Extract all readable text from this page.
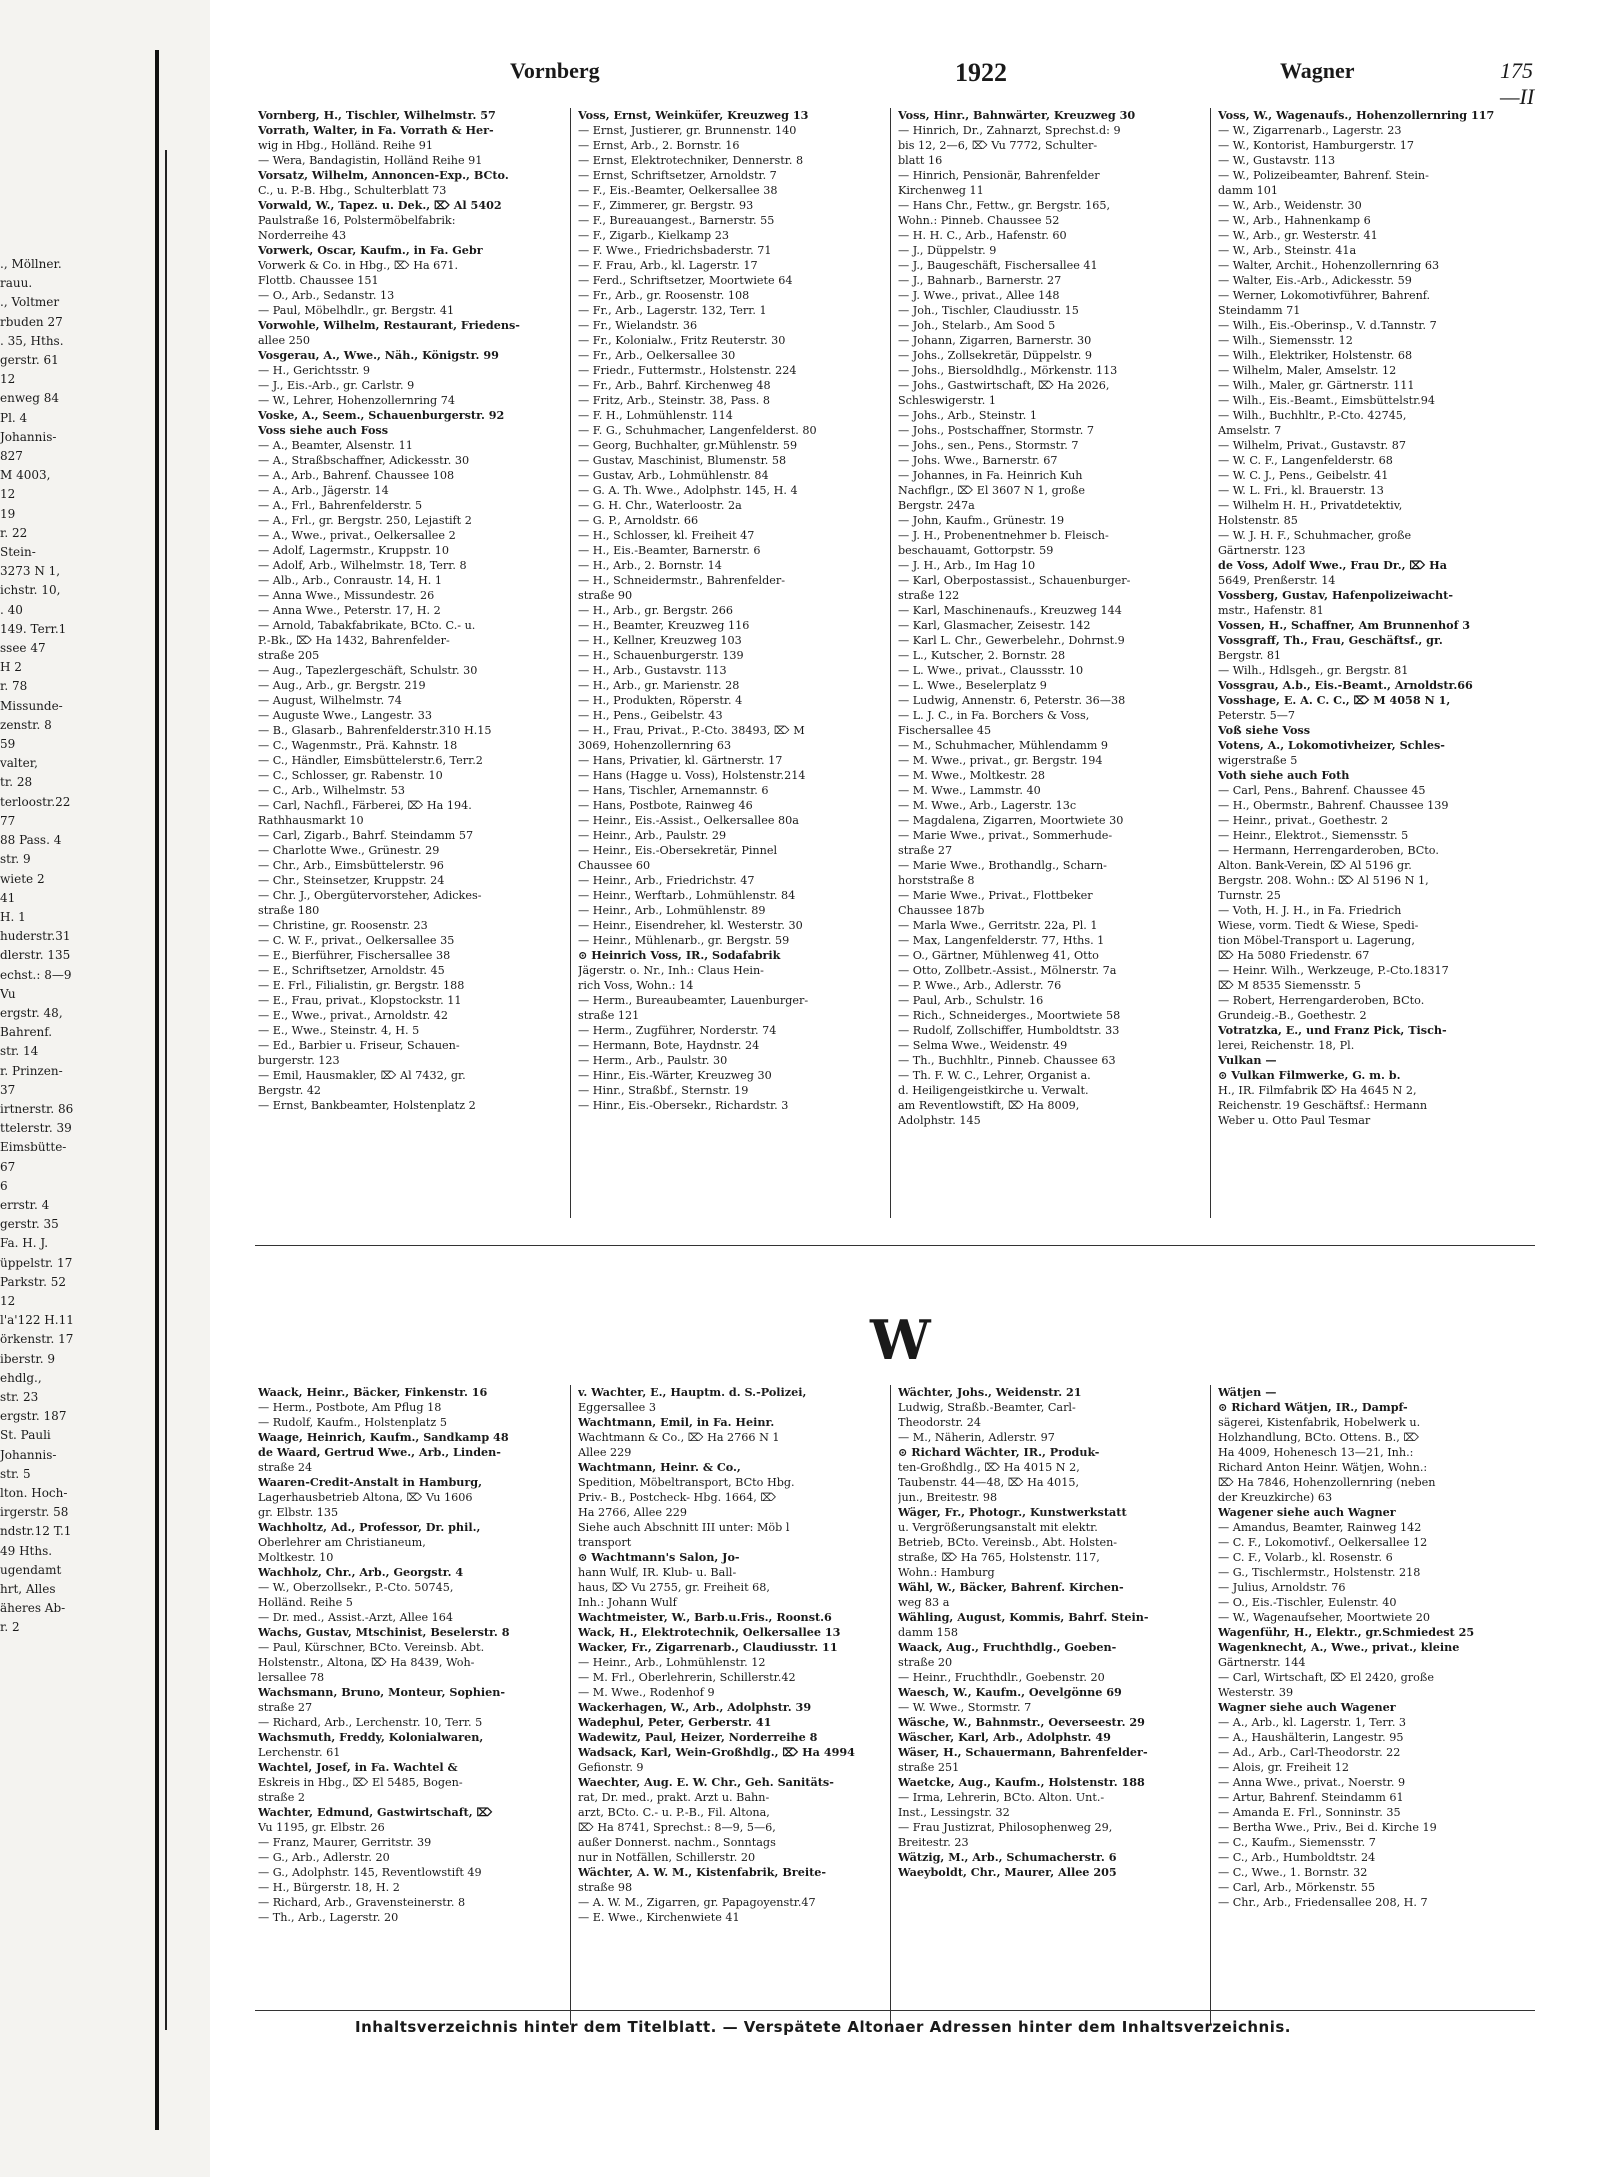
., Möllner.
rauu.
., Voltmer
rbuden 27
. 35, Hths.
gerstr. 61
12
enweg 84
Pl. 4
Johannis-
827
M 4003,
12
19
r. 22
Stein-
3273 N 1,
ichstr. 10,
. 40
149. Terr.1
ssee 47
H 2
r. 78
Missunde-
zenstr. 8
59
valter,
tr. 28
terloostr.22
77
88 Pass. 4
str. 9
wiete 2
41
H. 1
huderstr.31
dlerstr. 135
echst.: 8—9
Vu
ergstr. 48,
Bahrenf.
str. 14
r. Prinzen-
37
irtnerstr. 86
ttelerstr. 39
Eimsbütte-
67
6
errstr. 4
gerstr. 35
Fa. H. J.
üppelstr. 17
Parkstr. 52
12
l'a'122 H.11
örkenstr. 17
iberstr. 9
ehdlg.,
str. 23
ergstr. 187
St. Pauli
Johannis-
str. 5
lton. Hoch-
irgerstr. 58
ndstr.12 T.1
49 Hths.
ugendamt
hrt, Alles
äheres Ab-
r. 2
Vornberg	1922	Wagner	175—II
Vornberg, H., Tischler, Wilhelmstr. 57
Vorrath, Walter, in Fa. Vorrath & Her-
wig in Hbg., Holländ. Reihe 91
— Wera, Bandagistin, Holländ Reihe 91
Vorsatz, Wilhelm, Annoncen-Exp., BCto.
C., u. P.-B. Hbg., Schulterblatt 73
Vorwald, W., Tapez. u. Dek., ⌦ Al 5402
Paulstraße 16, Polstermöbelfabrik:
Norderreihe 43
Vorwerk, Oscar, Kaufm., in Fa. Gebr
Vorwerk & Co. in Hbg., ⌦ Ha 671.
Flottb. Chaussee 151
— O., Arb., Sedanstr. 13
— Paul, Möbelhdlr., gr. Bergstr. 41
Vorwohle, Wilhelm, Restaurant, Friedens-
allee 250
Vosgerau, A., Wwe., Näh., Königstr. 99
— H., Gerichtsstr. 9
— J., Eis.-Arb., gr. Carlstr. 9
— W., Lehrer, Hohenzollernring 74
Voske, A., Seem., Schauenburgerstr. 92
Voss siehe auch Foss
— A., Beamter, Alsenstr. 11
— A., Straßbschaffner, Adickesstr. 30
— A., Arb., Bahrenf. Chaussee 108
— A., Arb., Jägerstr. 14
— A., Frl., Bahrenfelderstr. 5
— A., Frl., gr. Bergstr. 250, Lejastift 2
— A., Wwe., privat., Oelkersallee 2
— Adolf, Lagermstr., Kruppstr. 10
— Adolf, Arb., Wilhelmstr. 18, Terr. 8
— Alb., Arb., Conraustr. 14, H. 1
— Anna Wwe., Missundestr. 26
— Anna Wwe., Peterstr. 17, H. 2
— Arnold, Tabakfabrikate, BCto. C.- u.
P.-Bk., ⌦ Ha 1432, Bahrenfelder-
straße 205
— Aug., Tapezlergeschäft, Schulstr. 30
— Aug., Arb., gr. Bergstr. 219
— August, Wilhelmstr. 74
— Auguste Wwe., Langestr. 33
— B., Glasarb., Bahrenfelderstr.310 H.15
— C., Wagenmstr., Prä. Kahnstr. 18
— C., Händler, Eimsbüttelerstr.6, Terr.2
— C., Schlosser, gr. Rabenstr. 10
— C., Arb., Wilhelmstr. 53
— Carl, Nachfl., Färberei, ⌦ Ha 194.
Rathhausmarkt 10
— Carl, Zigarb., Bahrf. Steindamm 57
— Charlotte Wwe., Grünestr. 29
— Chr., Arb., Eimsbüttelerstr. 96
— Chr., Steinsetzer, Kruppstr. 24
— Chr. J., Obergütervorsteher, Adickes-
straße 180
— Christine, gr. Roosenstr. 23
— C. W. F., privat., Oelkersallee 35
— E., Bierführer, Fischersallee 38
— E., Schriftsetzer, Arnoldstr. 45
— E. Frl., Filialistin, gr. Bergstr. 188
— E., Frau, privat., Klopstockstr. 11
— E., Wwe., privat., Arnoldstr. 42
— E., Wwe., Steinstr. 4, H. 5
— Ed., Barbier u. Friseur, Schauen-
burgerstr. 123
— Emil, Hausmakler, ⌦ Al 7432, gr.
Bergstr. 42
— Ernst, Bankbeamter, Holstenplatz 2
Voss, Ernst, Weinküfer, Kreuzweg 13
— Ernst, Justierer, gr. Brunnenstr. 140
— Ernst, Arb., 2. Bornstr. 16
— Ernst, Elektrotechniker, Dennerstr. 8
— Ernst, Schriftsetzer, Arnoldstr. 7
— F., Eis.-Beamter, Oelkersallee 38
— F., Zimmerer, gr. Bergstr. 93
— F., Bureauangest., Barnerstr. 55
— F., Zigarb., Kielkamp 23
— F. Wwe., Friedrichsbaderstr. 71
— F. Frau, Arb., kl. Lagerstr. 17
— Ferd., Schriftsetzer, Moortwiete 64
— Fr., Arb., gr. Roosenstr. 108
— Fr., Arb., Lagerstr. 132, Terr. 1
— Fr., Wielandstr. 36
— Fr., Kolonialw., Fritz Reuterstr. 30
— Fr., Arb., Oelkersallee 30
— Friedr., Futtermstr., Holstenstr. 224
— Fr., Arb., Bahrf. Kirchenweg 48
— Fritz, Arb., Steinstr. 38, Pass. 8
— F. H., Lohmühlenstr. 114
— F. G., Schuhmacher, Langenfelderst. 80
— Georg, Buchhalter, gr.Mühlenstr. 59
— Gustav, Maschinist, Blumenstr. 58
— Gustav, Arb., Lohmühlenstr. 84
— G. A. Th. Wwe., Adolphstr. 145, H. 4
— G. H. Chr., Waterloostr. 2a
— G. P., Arnoldstr. 66
— H., Schlosser, kl. Freiheit 47
— H., Eis.-Beamter, Barnerstr. 6
— H., Arb., 2. Bornstr. 14
— H., Schneidermstr., Bahrenfelder-
straße 90
— H., Arb., gr. Bergstr. 266
— H., Beamter, Kreuzweg 116
— H., Kellner, Kreuzweg 103
— H., Schauenburgerstr. 139
— H., Arb., Gustavstr. 113
— H., Arb., gr. Marienstr. 28
— H., Produkten, Röperstr. 4
— H., Pens., Geibelstr. 43
— H., Frau, Privat., P.-Cto. 38493, ⌦ M
3069, Hohenzollernring 63
— Hans, Privatier, kl. Gärtnerstr. 17
— Hans (Hagge u. Voss), Holstenstr.214
— Hans, Tischler, Arnemannstr. 6
— Hans, Postbote, Rainweg 46
— Heinr., Eis.-Assist., Oelkersallee 80a
— Heinr., Arb., Paulstr. 29
— Heinr., Eis.-Obersekretär, Pinnel
Chaussee 60
— Heinr., Arb., Friedrichstr. 47
— Heinr., Werftarb., Lohmühlenstr. 84
— Heinr., Arb., Lohmühlenstr. 89
— Heinr., Eisendreher, kl. Westerstr. 30
— Heinr., Mühlenarb., gr. Bergstr. 59
⊙ Heinrich Voss, IR., Sodafabrik
Jägerstr. o. Nr., Inh.: Claus Hein-
rich Voss, Wohn.: 14
— Herm., Bureaubeamter, Lauenburger-
straße 121
— Herm., Zugführer, Norderstr. 74
— Hermann, Bote, Haydnstr. 24
— Herm., Arb., Paulstr. 30
— Hinr., Eis.-Wärter, Kreuzweg 30
— Hinr., Straßbf., Sternstr. 19
— Hinr., Eis.-Obersekr., Richardstr. 3
Voss, Hinr., Bahnwärter, Kreuzweg 30
— Hinrich, Dr., Zahnarzt, Sprechst.d: 9
bis 12, 2—6, ⌦ Vu 7772, Schulter-
blatt 16
— Hinrich, Pensionär, Bahrenfelder
Kirchenweg 11
— Hans Chr., Fettw., gr. Bergstr. 165,
Wohn.: Pinneb. Chaussee 52
— H. H. C., Arb., Hafenstr. 60
— J., Düppelstr. 9
— J., Baugeschäft, Fischersallee 41
— J., Bahnarb., Barnerstr. 27
— J. Wwe., privat., Allee 148
— Joh., Tischler, Claudiusstr. 15
— Joh., Stelarb., Am Sood 5
— Johann, Zigarren, Barnerstr. 30
— Johs., Zollsekretär, Düppelstr. 9
— Johs., Biersoldhdlg., Mörkenstr. 113
— Johs., Gastwirtschaft, ⌦ Ha 2026,
Schleswigerstr. 1
— Johs., Arb., Steinstr. 1
— Johs., Postschaffner, Stormstr. 7
— Johs., sen., Pens., Stormstr. 7
— Johs. Wwe., Barnerstr. 67
— Johannes, in Fa. Heinrich Kuh
Nachflgr., ⌦ El 3607 N 1, große
Bergstr. 247a
— John, Kaufm., Grünestr. 19
— J. H., Probenentnehmer b. Fleisch-
beschauamt, Gottorpstr. 59
— J. H., Arb., Im Hag 10
— Karl, Oberpostassist., Schauenburger-
straße 122
— Karl, Maschinenaufs., Kreuzweg 144
— Karl, Glasmacher, Zeisestr. 142
— Karl L. Chr., Gewerbelehr., Dohrnst.9
— L., Kutscher, 2. Bornstr. 28
— L. Wwe., privat., Claussstr. 10
— L. Wwe., Beselerplatz 9
— Ludwig, Annenstr. 6, Peterstr. 36—38
— L. J. C., in Fa. Borchers & Voss,
Fischersallee 45
— M., Schuhmacher, Mühlendamm 9
— M. Wwe., privat., gr. Bergstr. 194
— M. Wwe., Moltkestr. 28
— M. Wwe., Lammstr. 40
— M. Wwe., Arb., Lagerstr. 13c
— Magdalena, Zigarren, Moortwiete 30
— Marie Wwe., privat., Sommerhude-
straße 27
— Marie Wwe., Brothandlg., Scharn-
horststraße 8
— Marie Wwe., Privat., Flottbeker
Chaussee 187b
— Marla Wwe., Gerritstr. 22a, Pl. 1
— Max, Langenfelderstr. 77, Hths. 1
— O., Gärtner, Mühlenweg 41, Otto
— Otto, Zollbetr.-Assist., Mölnerstr. 7a
— P. Wwe., Arb., Adlerstr. 76
— Paul, Arb., Schulstr. 16
— Rich., Schneiderges., Moortwiete 58
— Rudolf, Zollschiffer, Humboldtstr. 33
— Selma Wwe., Weidenstr. 49
— Th., Buchhltr., Pinneb. Chaussee 63
— Th. F. W. C., Lehrer, Organist a.
d. Heiligengeistkirche u. Verwalt.
am Reventlowstift, ⌦ Ha 8009,
Adolphstr. 145
Voss, W., Wagenaufs., Hohenzollernring 117
— W., Zigarrenarb., Lagerstr. 23
— W., Kontorist, Hamburgerstr. 17
— W., Gustavstr. 113
— W., Polizeibeamter, Bahrenf. Stein-
damm 101
— W., Arb., Weidenstr. 30
— W., Arb., Hahnenkamp 6
— W., Arb., gr. Westerstr. 41
— W., Arb., Steinstr. 41a
— Walter, Archit., Hohenzollernring 63
— Walter, Eis.-Arb., Adickesstr. 59
— Werner, Lokomotivführer, Bahrenf.
Steindamm 71
— Wilh., Eis.-Oberinsp., V. d.Tannstr. 7
— Wilh., Siemensstr. 12
— Wilh., Elektriker, Holstenstr. 68
— Wilhelm, Maler, Amselstr. 12
— Wilh., Maler, gr. Gärtnerstr. 111
— Wilh., Eis.-Beamt., Eimsbüttelstr.94
— Wilh., Buchhltr., P.-Cto. 42745,
Amselstr. 7
— Wilhelm, Privat., Gustavstr. 87
— W. C. F., Langenfelderstr. 68
— W. C. J., Pens., Geibelstr. 41
— W. L. Fri., kl. Brauerstr. 13
— Wilhelm H. H., Privatdetektiv,
Holstenstr. 85
— W. J. H. F., Schuhmacher, große
Gärtnerstr. 123
de Voss, Adolf Wwe., Frau Dr., ⌦ Ha
5649, Prenßerstr. 14
Vossberg, Gustav, Hafenpolizeiwacht-
mstr., Hafenstr. 81
Vossen, H., Schaffner, Am Brunnenhof 3
Vossgraff, Th., Frau, Geschäftsf., gr.
Bergstr. 81
— Wilh., Hdlsgeh., gr. Bergstr. 81
Vossgrau, A.b., Eis.-Beamt., Arnoldstr.66
Vosshage, E. A. C. C., ⌦ M 4058 N 1,
Peterstr. 5—7
Voß siehe Voss
Votens, A., Lokomotivheizer, Schles-
wigerstraße 5
Voth siehe auch Foth
— Carl, Pens., Bahrenf. Chaussee 45
— H., Obermstr., Bahrenf. Chaussee 139
— Heinr., privat., Goethestr. 2
— Heinr., Elektrot., Siemensstr. 5
— Hermann, Herrengarderoben, BCto.
Alton. Bank-Verein, ⌦ Al 5196 gr.
Bergstr. 208. Wohn.: ⌦ Al 5196 N 1,
Turnstr. 25
— Voth, H. J. H., in Fa. Friedrich
Wiese, vorm. Tiedt & Wiese, Spedi-
tion Möbel-Transport u. Lagerung,
⌦ Ha 5080 Friedenstr. 67
— Heinr. Wilh., Werkzeuge, P.-Cto.18317
⌦ M 8535 Siemensstr. 5
— Robert, Herrengarderoben, BCto.
Grundeig.-B., Goethestr. 2
Votratzka, E., und Franz Pick, Tisch-
lerei, Reichenstr. 18, Pl.
Vulkan —
⊙ Vulkan Filmwerke, G. m. b.
H., IR. Filmfabrik ⌦ Ha 4645 N 2,
Reichenstr. 19 Geschäftsf.: Hermann
Weber u. Otto Paul Tesmar
W
Waack, Heinr., Bäcker, Finkenstr. 16
— Herm., Postbote, Am Pflug 18
— Rudolf, Kaufm., Holstenplatz 5
Waage, Heinrich, Kaufm., Sandkamp 48
de Waard, Gertrud Wwe., Arb., Linden-
straße 24
Waaren-Credit-Anstalt in Hamburg,
Lagerhausbetrieb Altona, ⌦ Vu 1606
gr. Elbstr. 135
Wachholtz, Ad., Professor, Dr. phil.,
Oberlehrer am Christianeum,
Moltkestr. 10
Wachholz, Chr., Arb., Georgstr. 4
— W., Oberzollsekr., P.-Cto. 50745,
Holländ. Reihe 5
— Dr. med., Assist.-Arzt, Allee 164
Wachs, Gustav, Mtschinist, Beselerstr. 8
— Paul, Kürschner, BCto. Vereinsb. Abt.
Holstenstr., Altona, ⌦ Ha 8439, Woh-
lersallee 78
Wachsmann, Bruno, Monteur, Sophien-
straße 27
— Richard, Arb., Lerchenstr. 10, Terr. 5
Wachsmuth, Freddy, Kolonialwaren,
Lerchenstr. 61
Wachtel, Josef, in Fa. Wachtel &
Eskreis in Hbg., ⌦ El 5485, Bogen-
straße 2
Wachter, Edmund, Gastwirtschaft, ⌦
Vu 1195, gr. Elbstr. 26
— Franz, Maurer, Gerritstr. 39
— G., Arb., Adlerstr. 20
— G., Adolphstr. 145, Reventlowstift 49
— H., Bürgerstr. 18, H. 2
— Richard, Arb., Gravensteinerstr. 8
— Th., Arb., Lagerstr. 20
v. Wachter, E., Hauptm. d. S.-Polizei,
Eggersallee 3
Wachtmann, Emil, in Fa. Heinr.
Wachtmann & Co., ⌦ Ha 2766 N 1
Allee 229
Wachtmann, Heinr. & Co.,
Spedition, Möbeltransport, BCto Hbg.
Priv.- B., Postcheck- Hbg. 1664, ⌦
Ha 2766, Allee 229
Siehe auch Abschnitt III unter: Möb l
transport
⊙ Wachtmann's Salon, Jo-
hann Wulf, IR. Klub- u. Ball-
haus, ⌦ Vu 2755, gr. Freiheit 68,
Inh.: Johann Wulf
Wachtmeister, W., Barb.u.Fris., Roonst.6
Wack, H., Elektrotechnik, Oelkersallee 13
Wacker, Fr., Zigarrenarb., Claudiusstr. 11
— Heinr., Arb., Lohmühlenstr. 12
— M. Frl., Oberlehrerin, Schillerstr.42
— M. Wwe., Rodenhof 9
Wackerhagen, W., Arb., Adolphstr. 39
Wadephul, Peter, Gerberstr. 41
Wadewitz, Paul, Heizer, Norderreihe 8
Wadsack, Karl, Wein-Großhdlg., ⌦ Ha 4994
Gefionstr. 9
Waechter, Aug. E. W. Chr., Geh. Sanitäts-
rat, Dr. med., prakt. Arzt u. Bahn-
arzt, BCto. C.- u. P.-B., Fil. Altona,
⌦ Ha 8741, Sprechst.: 8—9, 5—6,
außer Donnerst. nachm., Sonntags
nur in Notfällen, Schillerstr. 20
Wächter, A. W. M., Kistenfabrik, Breite-
straße 98
— A. W. M., Zigarren, gr. Papagoyenstr.47
— E. Wwe., Kirchenwiete 41
Wächter, Johs., Weidenstr. 21
Ludwig, Straßb.-Beamter, Carl-
Theodorstr. 24
— M., Näherin, Adlerstr. 97
⊙ Richard Wächter, IR., Produk-
ten-Großhdlg., ⌦ Ha 4015 N 2,
Taubenstr. 44—48, ⌦ Ha 4015,
jun., Breitestr. 98
Wäger, Fr., Photogr., Kunstwerkstatt
u. Vergrößerungsanstalt mit elektr.
Betrieb, BCto. Vereinsb., Abt. Holsten-
straße, ⌦ Ha 765, Holstenstr. 117,
Wohn.: Hamburg
Wähl, W., Bäcker, Bahrenf. Kirchen-
weg 83 a
Wähling, August, Kommis, Bahrf. Stein-
damm 158
Waack, Aug., Fruchthdlg., Goeben-
straße 20
— Heinr., Fruchthdlr., Goebenstr. 20
Waesch, W., Kaufm., Oevelgönne 69
— W. Wwe., Stormstr. 7
Wäsche, W., Bahnmstr., Oeverseestr. 29
Wäscher, Karl, Arb., Adolphstr. 49
Wäser, H., Schauermann, Bahrenfelder-
straße 251
Waetcke, Aug., Kaufm., Holstenstr. 188
— Irma, Lehrerin, BCto. Alton. Unt.-
Inst., Lessingstr. 32
— Frau Justizrat, Philosophenweg 29,
Breitestr. 23
Wätzig, M., Arb., Schumacherstr. 6
Waeyboldt, Chr., Maurer, Allee 205
Wätjen —
⊙ Richard Wätjen, IR., Dampf-
sägerei, Kistenfabrik, Hobelwerk u.
Holzhandlung, BCto. Ottens. B., ⌦
Ha 4009, Hohenesch 13—21, Inh.:
Richard Anton Heinr. Wätjen, Wohn.:
⌦ Ha 7846, Hohenzollernring (neben
der Kreuzkirche) 63
Wagener siehe auch Wagner
— Amandus, Beamter, Rainweg 142
— C. F., Lokomotivf., Oelkersallee 12
— C. F., Volarb., kl. Rosenstr. 6
— G., Tischlermstr., Holstenstr. 218
— Julius, Arnoldstr. 76
— O., Eis.-Tischler, Eulenstr. 40
— W., Wagenaufseher, Moortwiete 20
Wagenführ, H., Elektr., gr.Schmiedest 25
Wagenknecht, A., Wwe., privat., kleine
Gärtnerstr. 144
— Carl, Wirtschaft, ⌦ El 2420, große
Westerstr. 39
Wagner siehe auch Wagener
— A., Arb., kl. Lagerstr. 1, Terr. 3
— A., Haushälterin, Langestr. 95
— Ad., Arb., Carl-Theodorstr. 22
— Alois, gr. Freiheit 12
— Anna Wwe., privat., Noerstr. 9
— Artur, Bahrenf. Steindamm 61
— Amanda E. Frl., Sonninstr. 35
— Bertha Wwe., Priv., Bei d. Kirche 19
— C., Kaufm., Siemensstr. 7
— C., Arb., Humboldtstr. 24
— C., Wwe., 1. Bornstr. 32
— Carl, Arb., Mörkenstr. 55
— Chr., Arb., Friedensallee 208, H. 7
Inhaltsverzeichnis hinter dem Titelblatt. — Verspätete Altonaer Adressen hinter dem Inhaltsverzeichnis.
